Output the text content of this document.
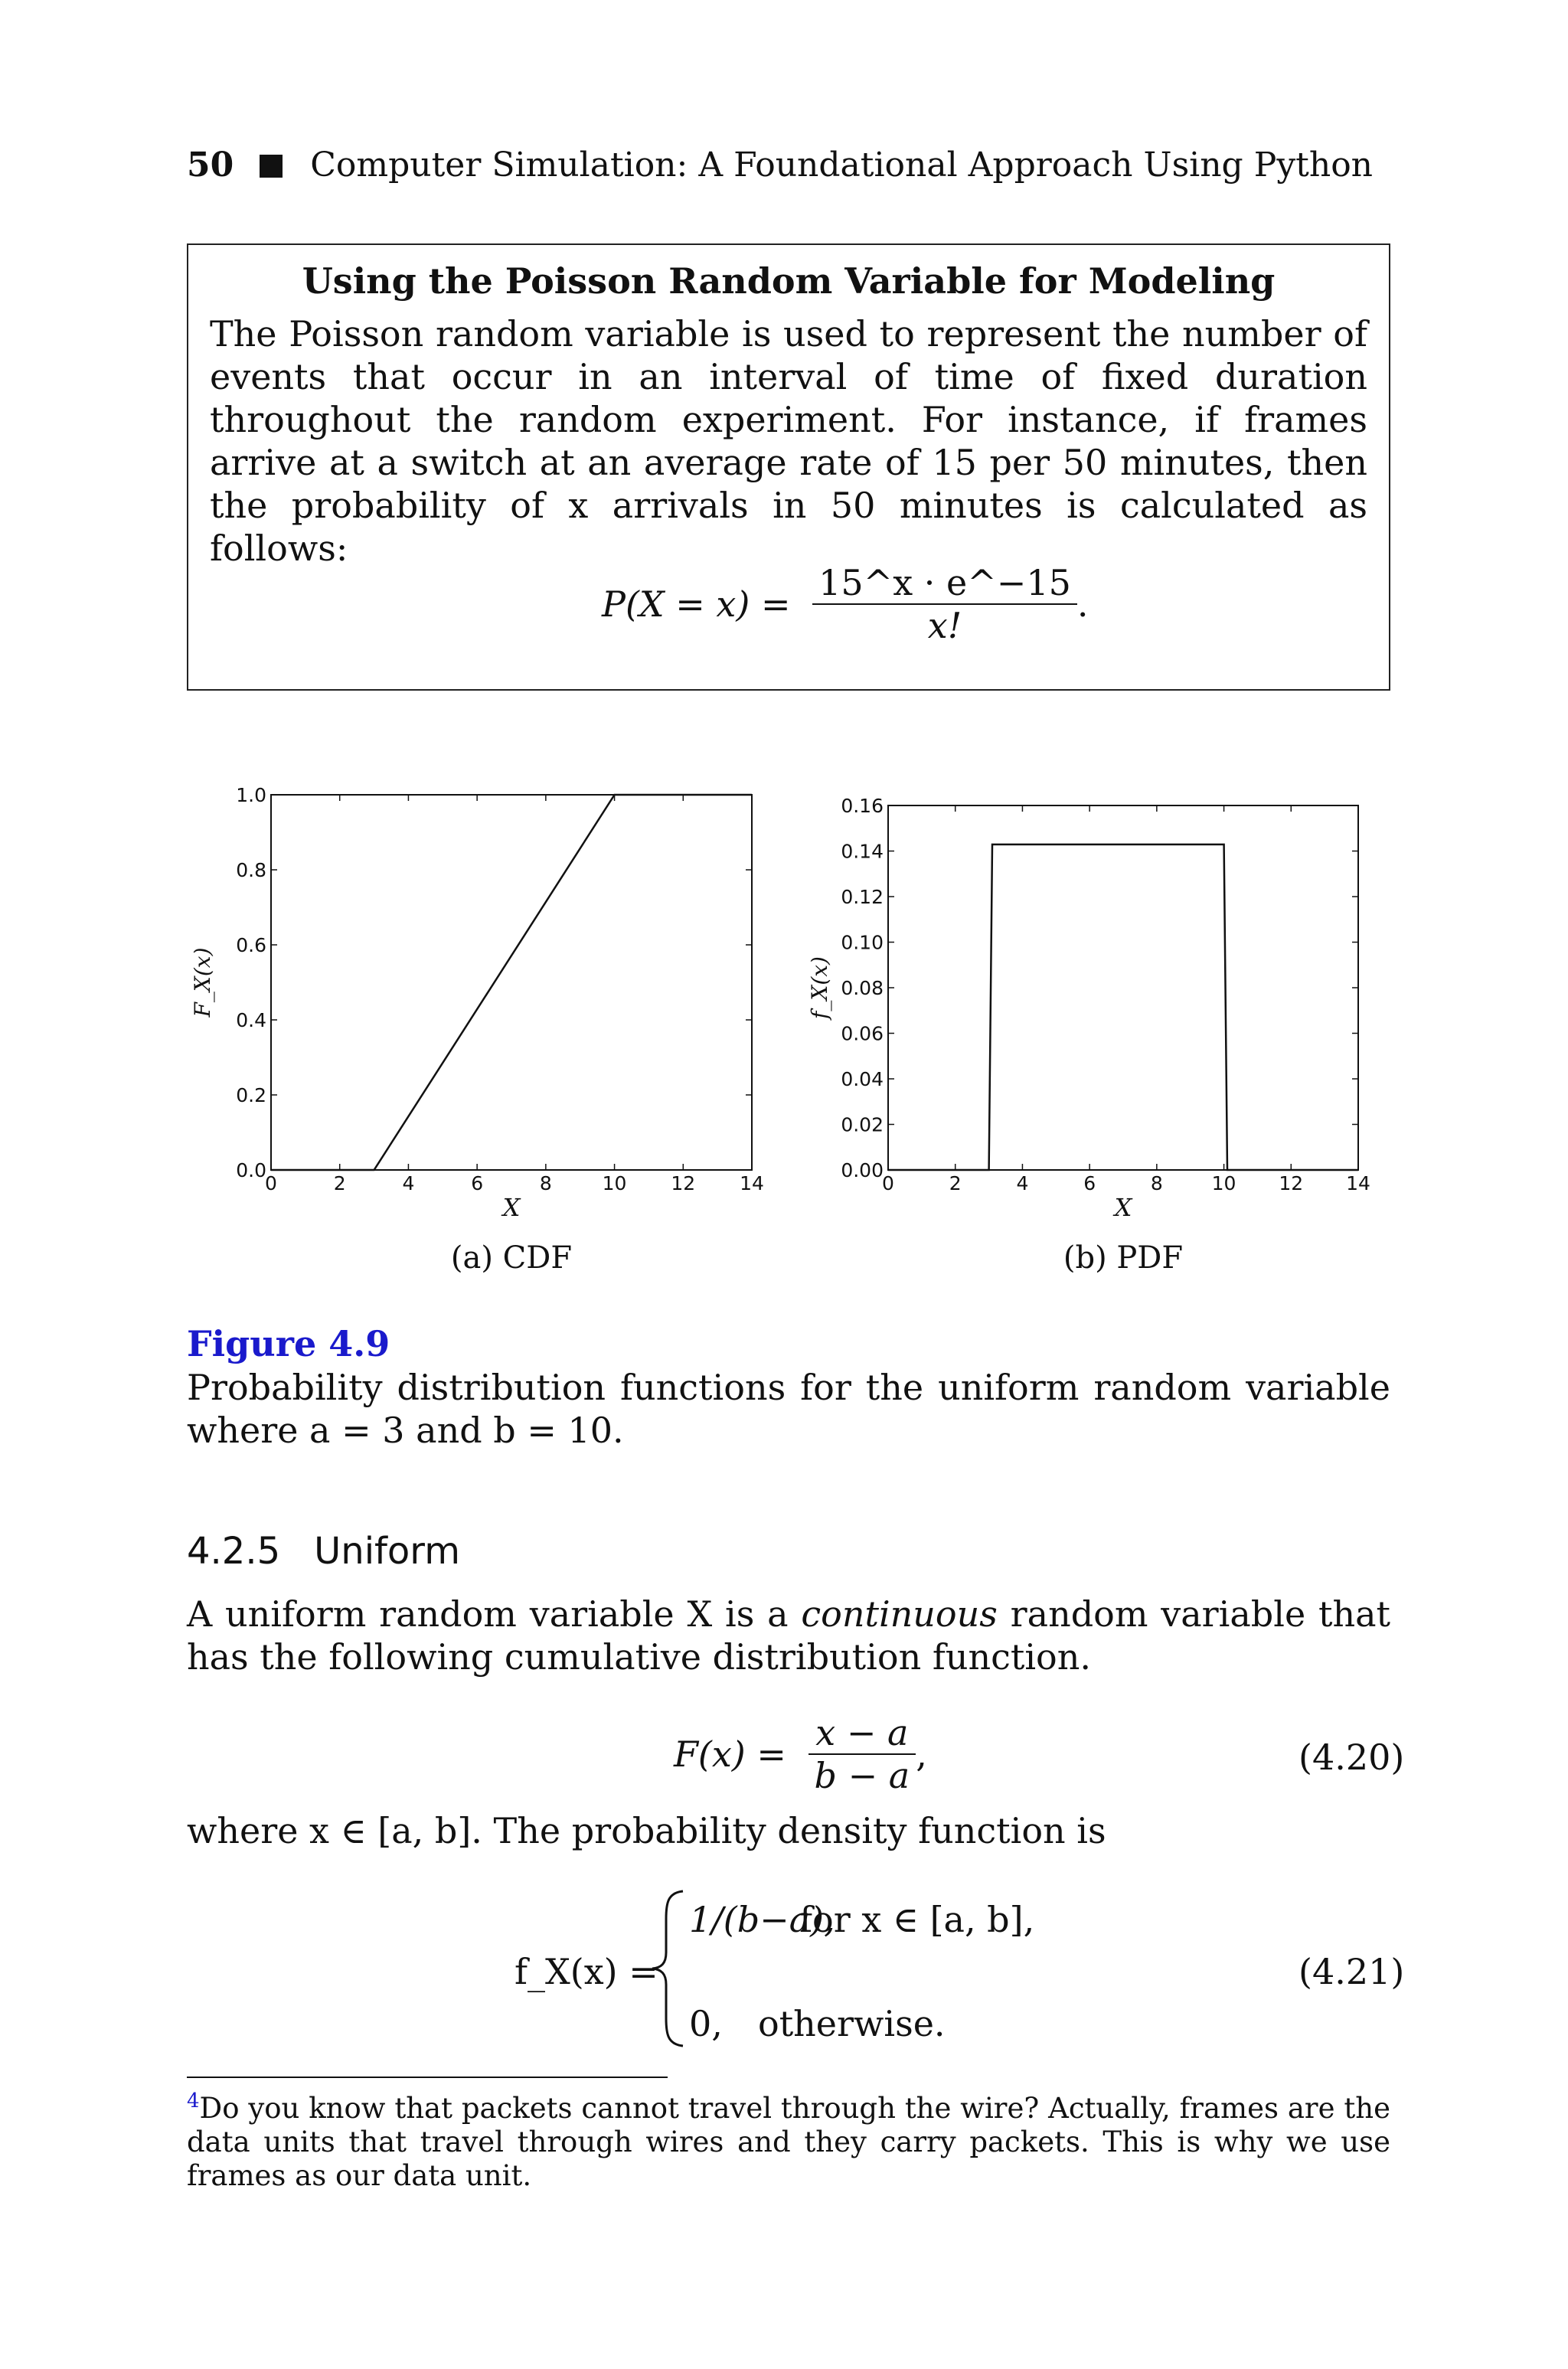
50 Computer Simulation: A Foundational Approach Using Python
Using the Poisson Random Variable for Modeling
The Poisson random variable is used to represent the number of events that occur in an interval of time of fixed duration throughout the random experiment. For instance, if frames arrive at a switch at an average rate of 15 per 50 minutes, then the probability of x arrivals in 50 minutes is calculated as follows:
$P(X = x) = \frac{15\^{}x \cdot e\^{}-15}{x!}$ .
0	2	4	6	8	10 12 14
0.0
0.2
0.4
0.6
0.8
1.0
X
F_X(x)
(a) CDF
0	2	4	6	8	10 12 14
0.00
0.02
0.04
0.06
0.08
0.10
0.12
0.14
0.16
X
f_X(x)
(b) PDF
Figure 4.9
Probability distribution functions for the uniform random variable where a = 3 and b = 10.
4.2.5 Uniform
A uniform random variable X is a continuous random variable that has the following cumulative distribution function.
$F(x) = \frac{x - a}{b - a}$ ,	(4.20)
where x ∈ [a, b]. The probability density function is
f_X(x) =
1/(b−a),
for x ∈ [a, b],
0, otherwise.
(4.21)
$^4$Do you know that packets cannot travel through the wire? Actually, frames are the data units that travel through wires and they carry packets. This is why we use frames as our data unit.
